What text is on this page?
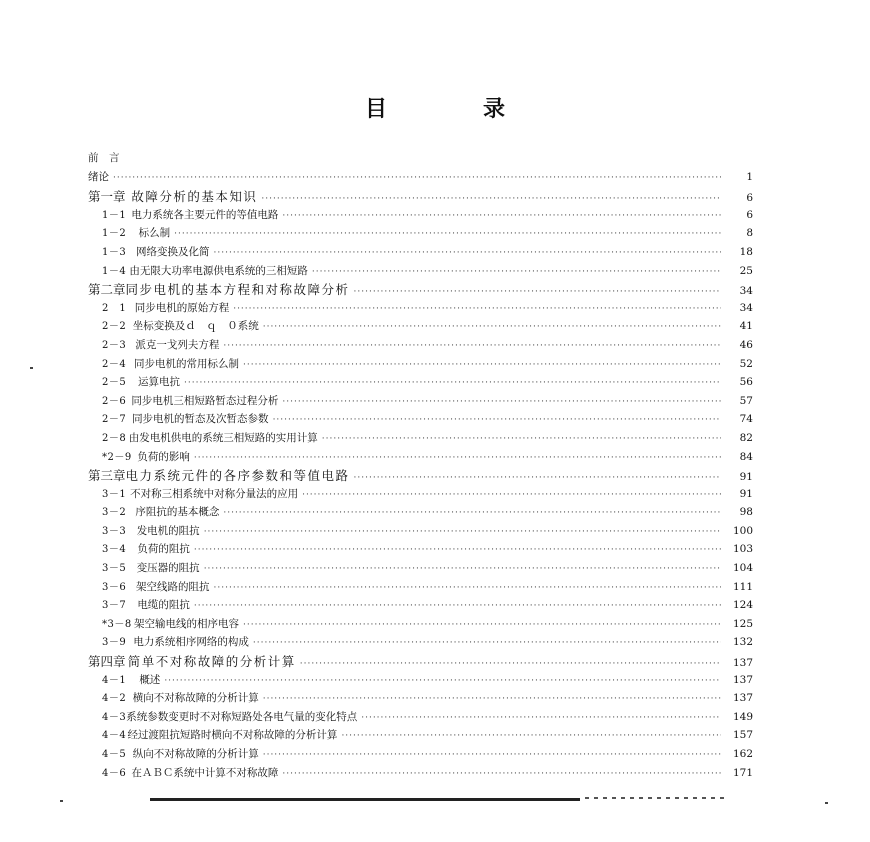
目	录
前　言
绪论 ·····	1
第一章 故障分析的基本知识 ·····	6
1－1 电力系统各主要元件的等值电路 ·····	6
1－2	标么制 ·····	8
1－3 网络变换及化简 ·····	18
1－4 由无限大功率电源供电系统的三相短路 ·····	25
第二章 同步电机的基本方程和对称故障分析 ·····	34
2　1 同步电机的原始方程 ·····	34
2－2 坐标变换及ｄ　ｑ　０系统 ·····	41
2－3 派克一戈列夫方程 ·····	46
2－4 同步电机的常用标么制 ·····	52
2－5	运算电抗 ·····	56
2－6 同步电机三相短路暂态过程分析 ·····	57
2－7 同步电机的暂态及次暂态参数 ·····	74
2－8 由发电机供电的系统三相短路的实用计算 ·····	82
*2－9 负荷的影响 ·····	84
第三章 电力系统元件的各序参数和等值电路 ·····	91
3－1 不对称三相系统中对称分量法的应用 ·····	91
3－2 序阻抗的基本概念 ·····	98
3－3 发电机的阻抗 ·····	100
3－4	负荷的阻抗 ·····	103
3－5 变压器的阻抗 ·····	104
3－6 架空线路的阻抗 ·····	111
3－7	电缆的阻抗 ·····	124
*3－8 架空输电线的相序电容 ·····	125
3－9 电力系统相序网络的构成 ·····	132
第四章 简单不对称故障的分析计算 ·····	137
4－1	概述 ·····	137
4－2 横向不对称故障的分析计算 ·····	137
4－3 系统参数变更时不对称短路处各电气量的变化特点 ·····	149
4－4 经过渡阻抗短路时横向不对称故障的分析计算 ·····	157
4－5 纵向不对称故障的分析计算 ·····	162
4－6 在ＡＢＣ系统中计算不对称故障 ·····	171
